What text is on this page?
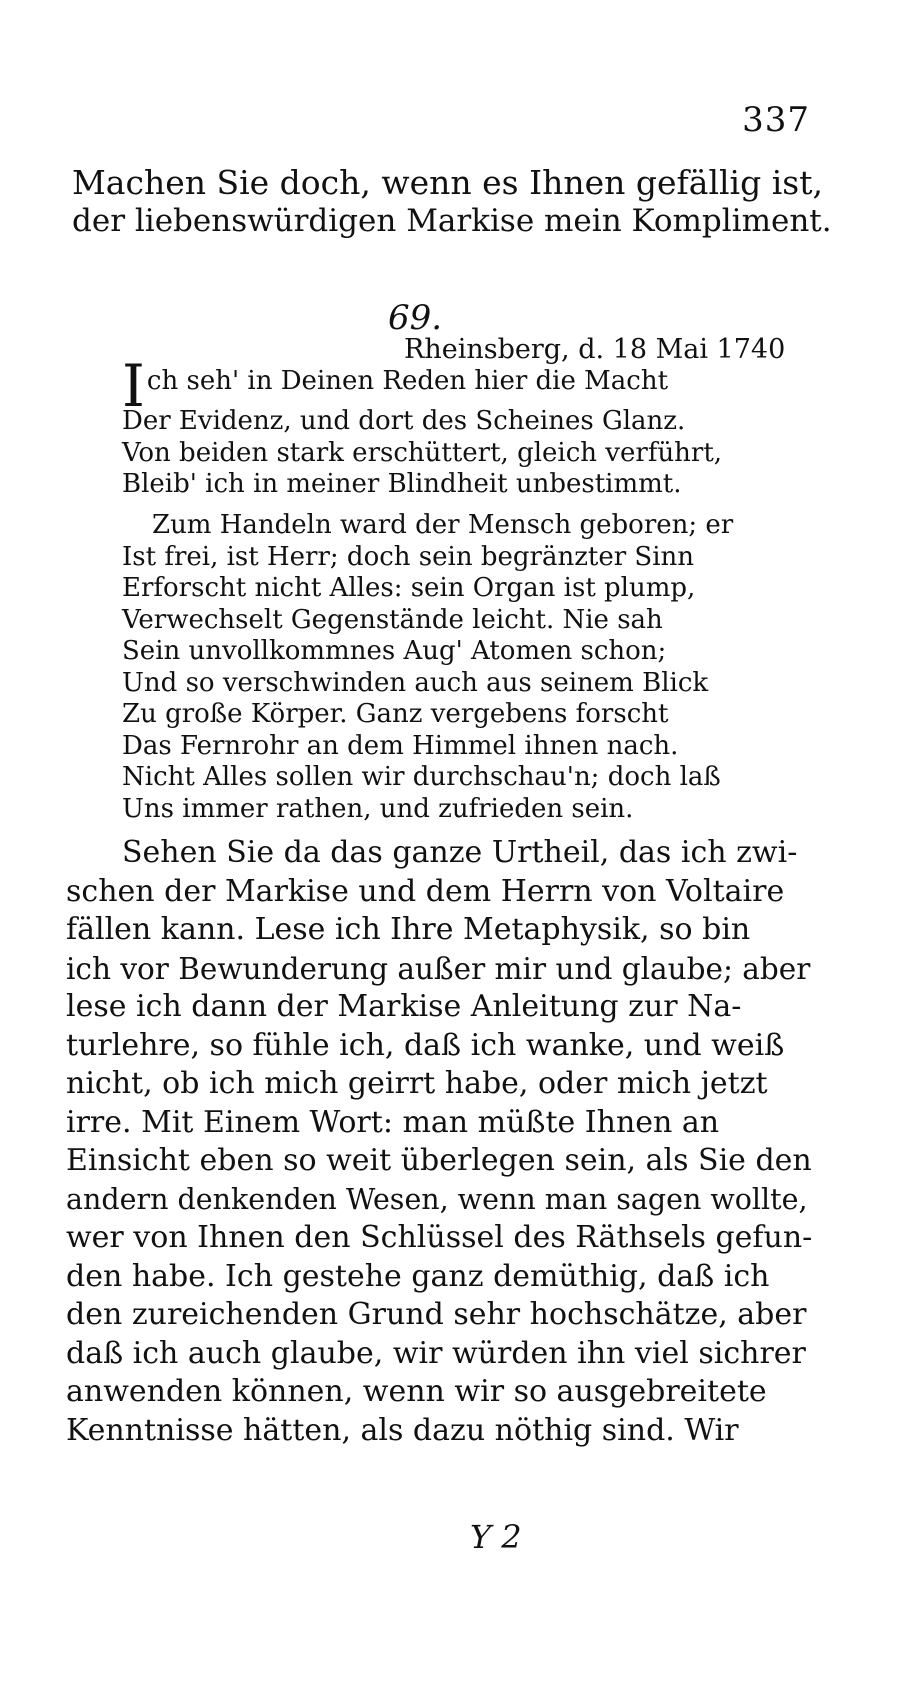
337
Machen Sie doch, wenn es Ihnen gefällig ist,
der liebenswürdigen Markise mein Kompliment.
69.
Rheinsberg, d. 18 Mai 1740
Ich seh' in Deinen Reden hier die Macht
Der Evidenz, und dort des Scheines Glanz.
Von beiden stark erschüttert, gleich verführt,
Bleib' ich in meiner Blindheit unbestimmt.
Zum Handeln ward der Mensch geboren; er
Ist frei, ist Herr; doch sein begränzter Sinn
Erforscht nicht Alles: sein Organ ist plump,
Verwechselt Gegenstände leicht. Nie sah
Sein unvollkommnes Aug' Atomen schon;
Und so verschwinden auch aus seinem Blick
Zu große Körper. Ganz vergebens forscht
Das Fernrohr an dem Himmel ihnen nach.
Nicht Alles sollen wir durchschau'n; doch laß
Uns immer rathen, und zufrieden sein.
Sehen Sie da das ganze Urtheil, das ich zwi-
schen der Markise und dem Herrn von Voltaire
fällen kann. Lese ich Ihre Metaphysik, so bin
ich vor Bewunderung außer mir und glaube; aber
lese ich dann der Markise Anleitung zur Na-
turlehre, so fühle ich, daß ich wanke, und weiß
nicht, ob ich mich geirrt habe, oder mich jetzt
irre. Mit Einem Wort: man müßte Ihnen an
Einsicht eben so weit überlegen sein, als Sie den
andern denkenden Wesen, wenn man sagen wollte,
wer von Ihnen den Schlüssel des Räthsels gefun-
den habe. Ich gestehe ganz demüthig, daß ich
den zureichenden Grund sehr hochschätze, aber
daß ich auch glaube, wir würden ihn viel sichrer
anwenden können, wenn wir so ausgebreitete
Kenntnisse hätten, als dazu nöthig sind. Wir
Y 2
